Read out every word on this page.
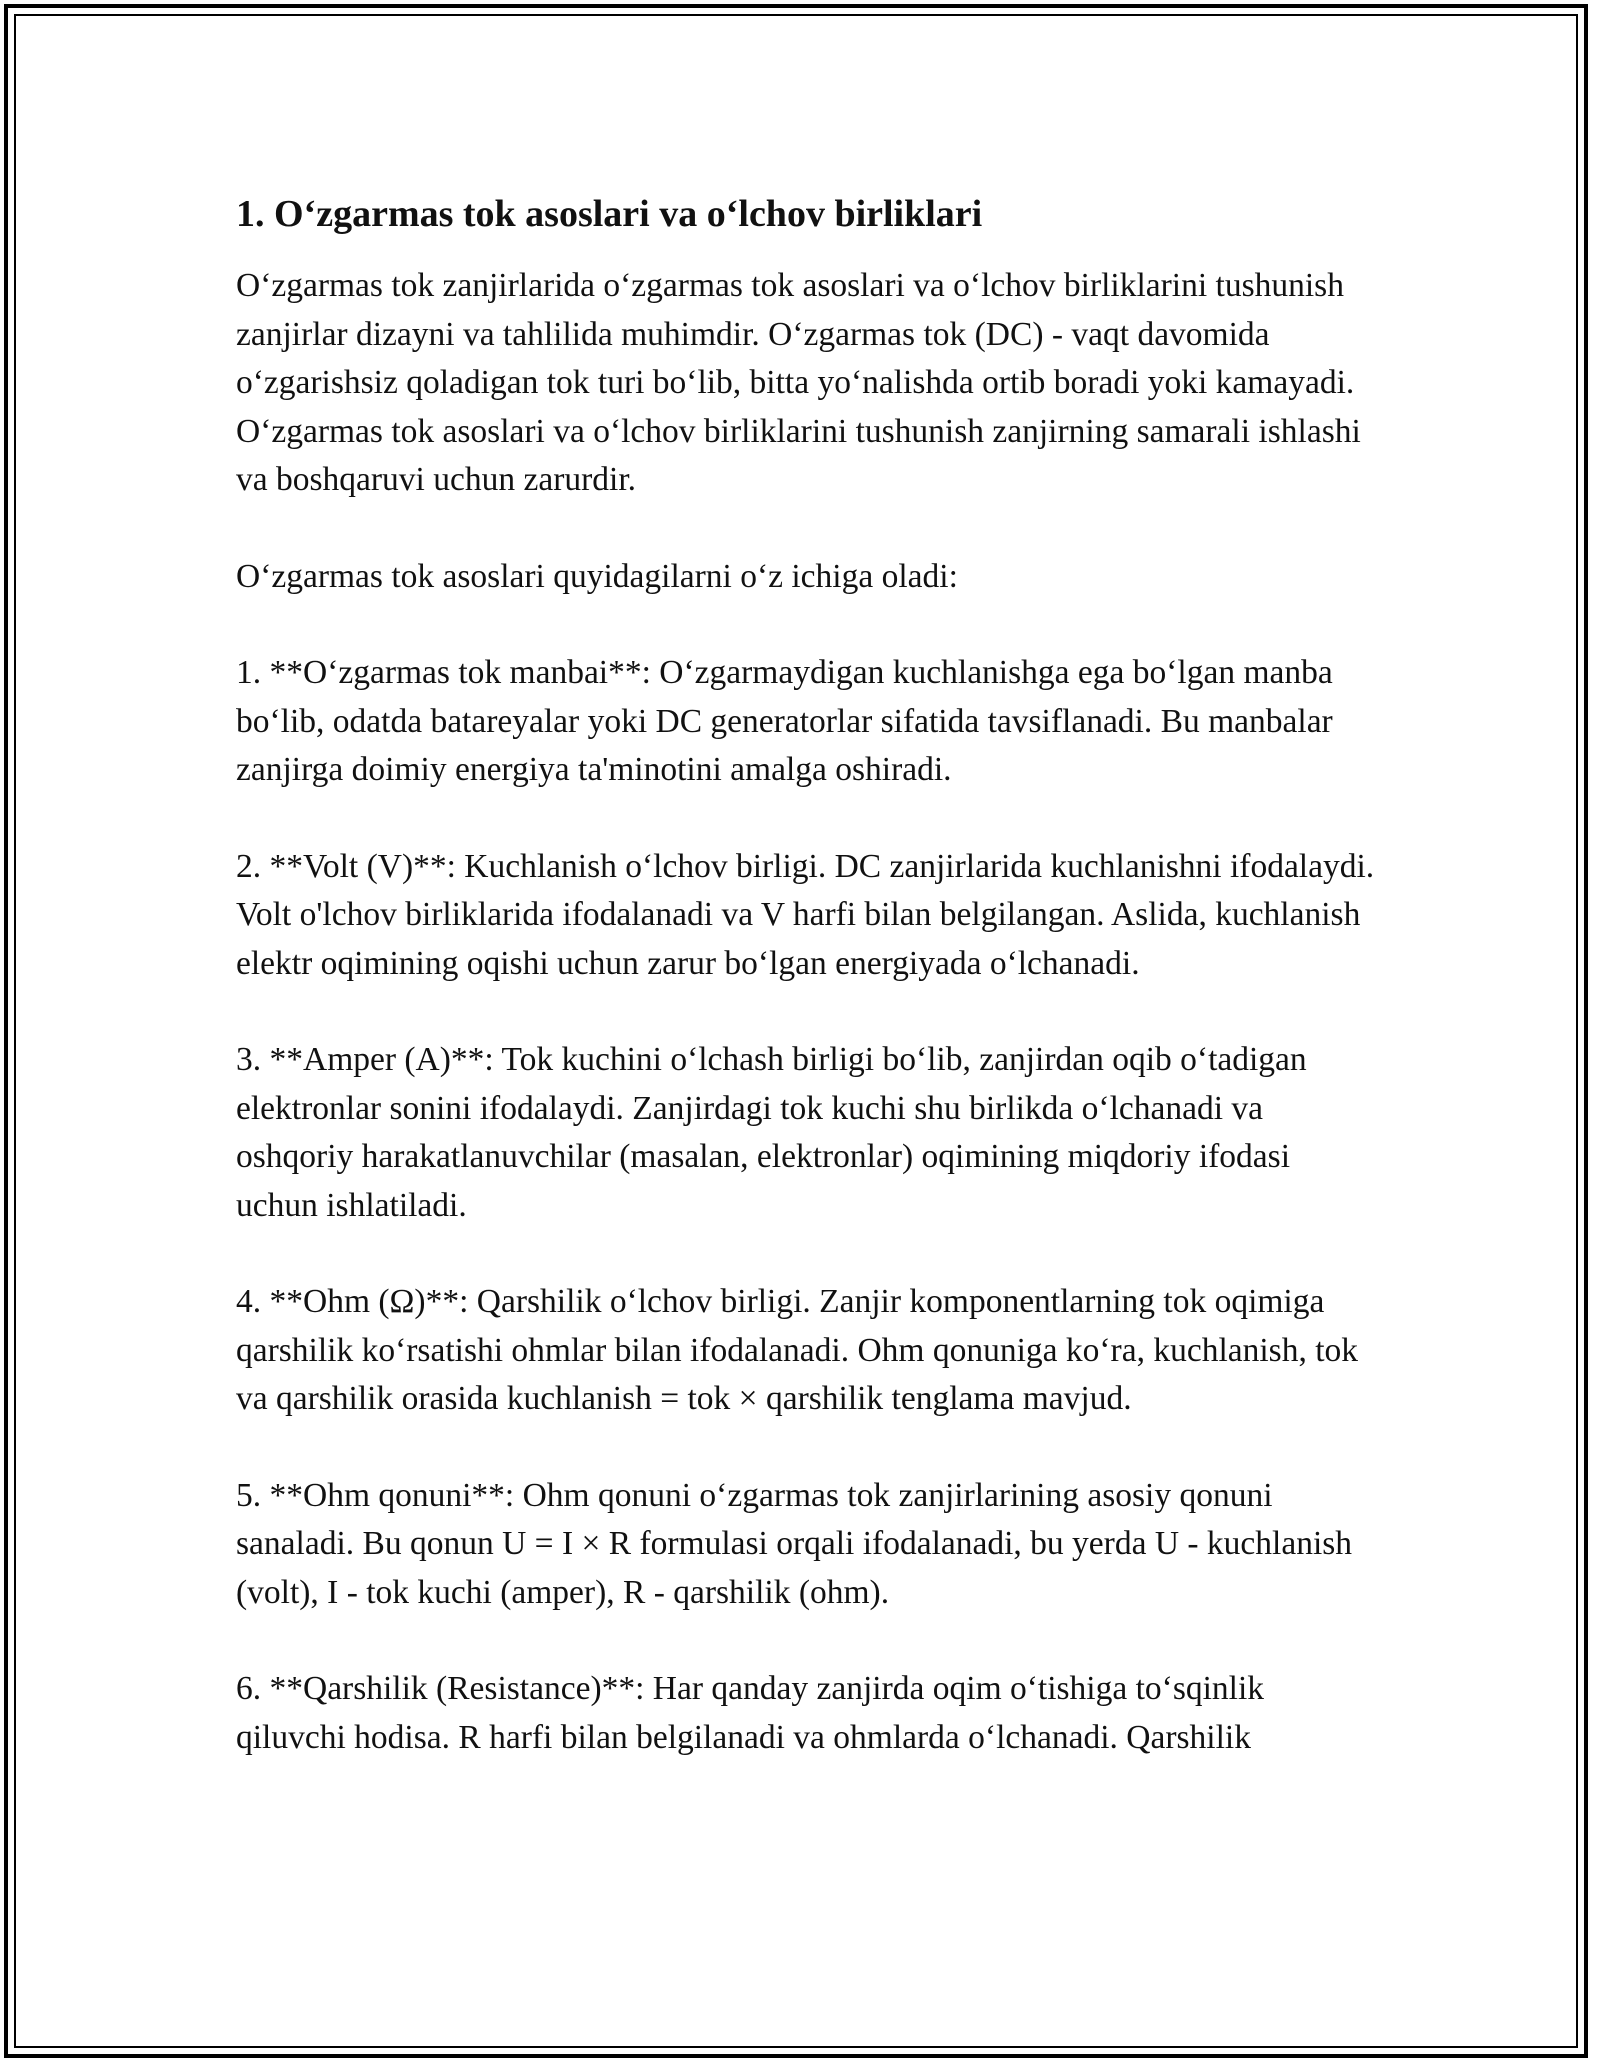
1. O‘zgarmas tok asoslari va o‘lchov birliklari

O‘zgarmas tok zanjirlarida o‘zgarmas tok asoslari va o‘lchov birliklarini tushunish zanjirlar dizayni va tahlilida muhimdir. O‘zgarmas tok (DC) - vaqt davomida o‘zgarishsiz qoladigan tok turi bo‘lib, bitta yo‘nalishda ortib boradi yoki kamayadi. O‘zgarmas tok asoslari va o‘lchov birliklarini tushunish zanjirning samarali ishlashi va boshqaruvi uchun zarurdir.

O‘zgarmas tok asoslari quyidagilarni o‘z ichiga oladi:

1. **O‘zgarmas tok manbai**: O‘zgarmaydigan kuchlanishga ega bo‘lgan manba bo‘lib, odatda batareyalar yoki DC generatorlar sifatida tavsiflanadi. Bu manbalar zanjirga doimiy energiya ta'minotini amalga oshiradi.

2. **Volt (V)**: Kuchlanish o‘lchov birligi. DC zanjirlarida kuchlanishni ifodalaydi. Volt o'lchov birliklarida ifodalanadi va V harfi bilan belgilangan. Aslida, kuchlanish elektr oqimining oqishi uchun zarur bo‘lgan energiyada o‘lchanadi.

3. **Amper (A)**: Tok kuchini o‘lchash birligi bo‘lib, zanjirdan oqib o‘tadigan elektronlar sonini ifodalaydi. Zanjirdagi tok kuchi shu birlikda o‘lchanadi va oshqoriy harakatlanuvchilar (masalan, elektronlar) oqimining miqdoriy ifodasi uchun ishlatiladi.

4. **Ohm (Ω)**: Qarshilik o‘lchov birligi. Zanjir komponentlarning tok oqimiga qarshilik ko‘rsatishi ohmlar bilan ifodalanadi. Ohm qonuniga ko‘ra, kuchlanish, tok va qarshilik orasida kuchlanish = tok × qarshilik tenglama mavjud.

5. **Ohm qonuni**: Ohm qonuni o‘zgarmas tok zanjirlarining asosiy qonuni sanaladi. Bu qonun U = I × R formulasi orqali ifodalanadi, bu yerda U - kuchlanish (volt), I - tok kuchi (amper), R - qarshilik (ohm).

6. **Qarshilik (Resistance)**: Har qanday zanjirda oqim o‘tishiga to‘sqinlik qiluvchi hodisa. R harfi bilan belgilanadi va ohmlarda o‘lchanadi. Qarshilik
